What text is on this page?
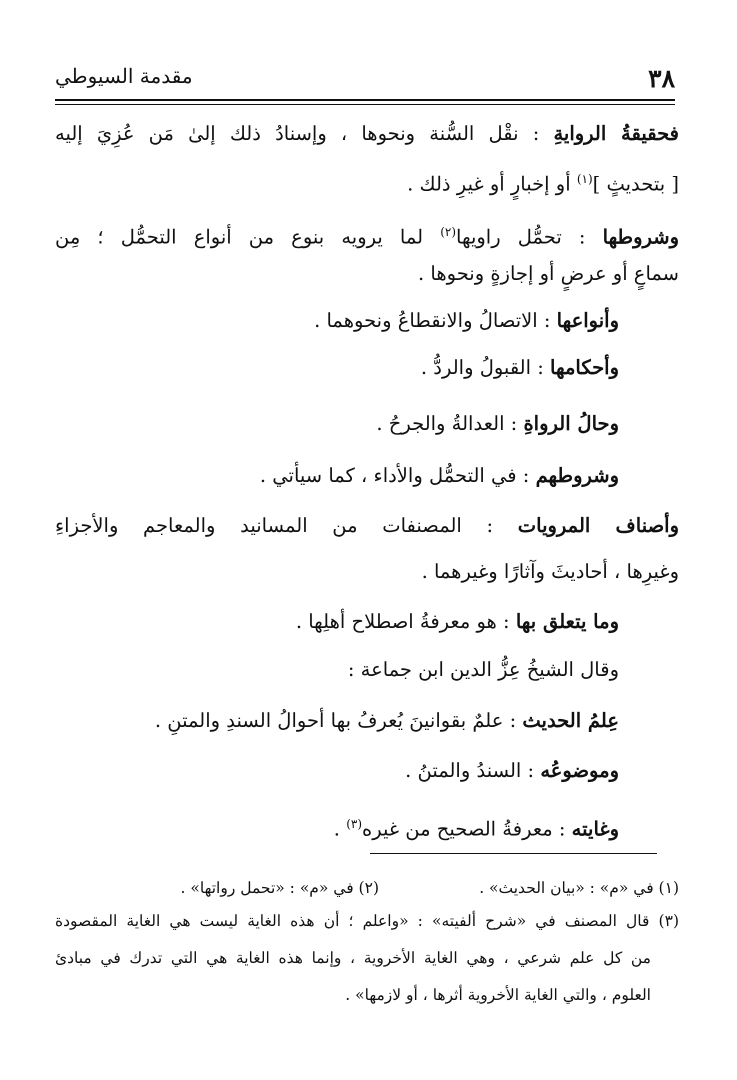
٣٨
مقدمة السيوطي
فحقيقةُ الروايةِ : نقْل السُّنة ونحوها ، وإسنادُ ذلك إلىٰ مَن عُزِيَ إليه
[ بتحديثٍ ]$^{(١)}$ أو إخبارٍ أو غيرِ ذلك .
وشروطها : تحمُّل راويها$^{(٢)}$ لما يرويه بنوع من أنواع التحمُّل ؛ مِن
سماعٍ أو عرضٍ أو إجازةٍ ونحوها .
وأنواعها : الاتصالُ والانقطاعُ ونحوهما .
وأحكامها : القبولُ والردُّ .
وحالُ الرواةِ : العدالةُ والجرحُ .
وشروطهم : في التحمُّل والأداء ، كما سيأتي .
وأصناف المرويات : المصنفات من المسانيد والمعاجم والأجزاءِ
وغيرِها ، أحاديثَ وآثارًا وغيرهما .
وما يتعلق بها : هو معرفةُ اصطلاح أهلِها .
وقال الشيخُ عِزُّ الدين ابن جماعة :
عِلمُ الحديث : علمٌ بقوانينَ يُعرفُ بها أحوالُ السندِ والمتنِ .
وموضوعُه : السندُ والمتنُ .
وغايته : معرفةُ الصحيح من غيره$^{(٣)}$ .
(١) في «م» : «بيان الحديث» .
(٢) في «م» : «تحمل رواتها» .
(٣) قال المصنف في «شرح ألفيته» : «واعلم ؛ أن هذه الغاية ليست هي الغاية المقصودة
من كل علم شرعي ، وهي الغاية الأخروية ، وإنما هذه الغاية هي التي تدرك في مبادئ
العلوم ، والتي الغاية الأخروية أثرها ، أو لازمها» .
